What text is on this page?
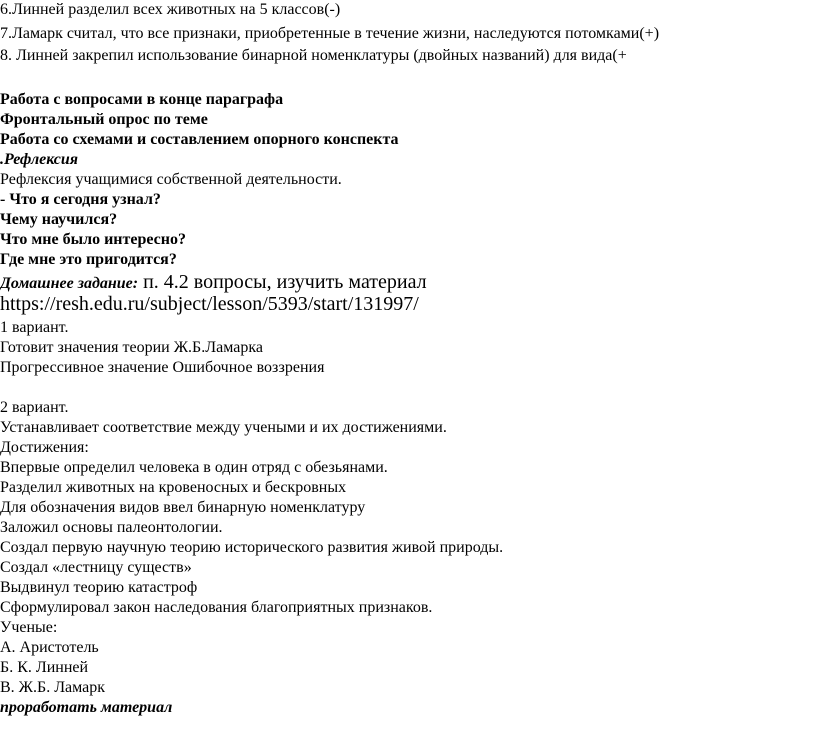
6.Линней разделил всех животных на 5 классов(-)
7.Ламарк считал, что все признаки, приобретенные в течение жизни, наследуются потомками(+)
8. Линней закрепил использование бинарной номенклатуры (двойных названий) для вида(+
Работа с вопросами в конце параграфа
Фронтальный опрос по теме
Работа со схемами и составлением опорного конспекта
.Рефлексия
Рефлексия учащимися собственной деятельности.
- Что я сегодня узнал?
Чему научился?
Что мне было интересно?
Где мне это пригодится?
Домашнее задание: п. 4.2 вопросы, изучить материал
https://resh.edu.ru/subject/lesson/5393/start/131997/
1 вариант.
Готовит значения теории Ж.Б.Ламарка
Прогрессивное значение Ошибочное воззрения
2 вариант.
Устанавливает соответствие между учеными и их достижениями.
Достижения:
Впервые определил человека в один отряд с обезьянами.
Разделил животных на кровеносных и бескровных
Для обозначения видов ввел бинарную номенклатуру
Заложил основы палеонтологии.
Создал первую научную теорию исторического развития живой природы.
Создал «лестницу существ»
Выдвинул теорию катастроф
Сформулировал закон наследования благоприятных признаков.
Ученые:
А. Аристотель
Б. К. Линней
В. Ж.Б. Ламарк
проработать материал
